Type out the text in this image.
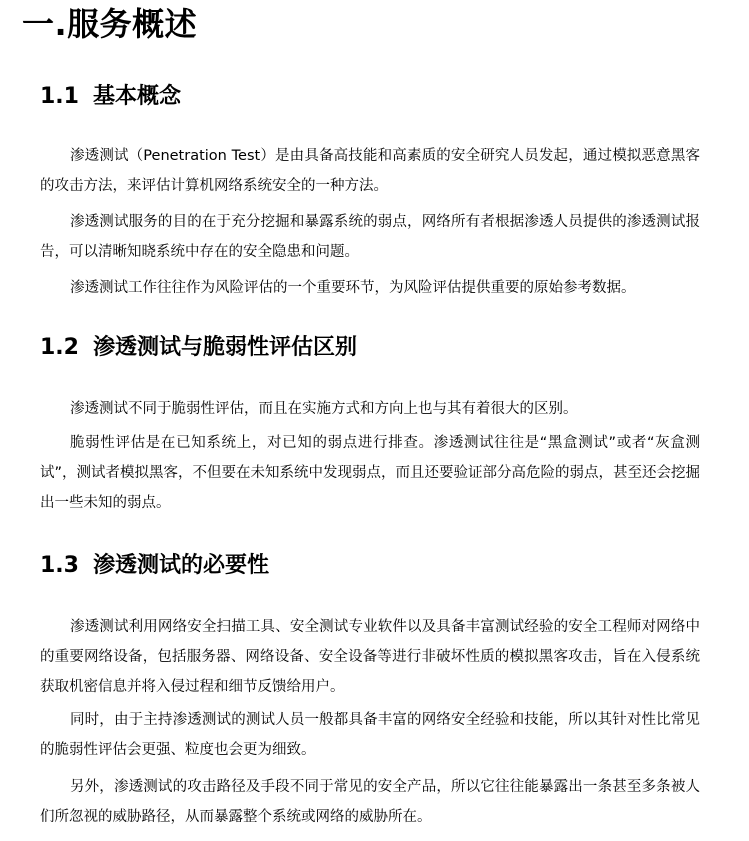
一.服务概述
1.1 基本概念

渗透测试（Penetration Test）是由具备高技能和高素质的安全研究人员发起，通过模拟恶意黑客的攻击方法，来评估计算机网络系统安全的一种方法。

渗透测试服务的目的在于充分挖掘和暴露系统的弱点，网络所有者根据渗透人员提供的渗透测试报告，可以清晰知晓系统中存在的安全隐患和问题。

渗透测试工作往往作为风险评估的一个重要环节，为风险评估提供重要的原始参考数据。

1.2 渗透测试与脆弱性评估区别

渗透测试不同于脆弱性评估，而且在实施方式和方向上也与其有着很大的区别。

脆弱性评估是在已知系统上，对已知的弱点进行排查。渗透测试往往是“黑盒测试”或者“灰盒测试”，测试者模拟黑客，不但要在未知系统中发现弱点，而且还要验证部分高危险的弱点，甚至还会挖掘出一些未知的弱点。

1.3 渗透测试的必要性

渗透测试利用网络安全扫描工具、安全测试专业软件以及具备丰富测试经验的安全工程师对网络中的重要网络设备，包括服务器、网络设备、安全设备等进行非破坏性质的模拟黑客攻击，旨在入侵系统获取机密信息并将入侵过程和细节反馈给用户。

同时，由于主持渗透测试的测试人员一般都具备丰富的网络安全经验和技能，所以其针对性比常见的脆弱性评估会更强、粒度也会更为细致。

另外，渗透测试的攻击路径及手段不同于常见的安全产品，所以它往往能暴露出一条甚至多条被人们所忽视的威胁路径，从而暴露整个系统或网络的威胁所在。
